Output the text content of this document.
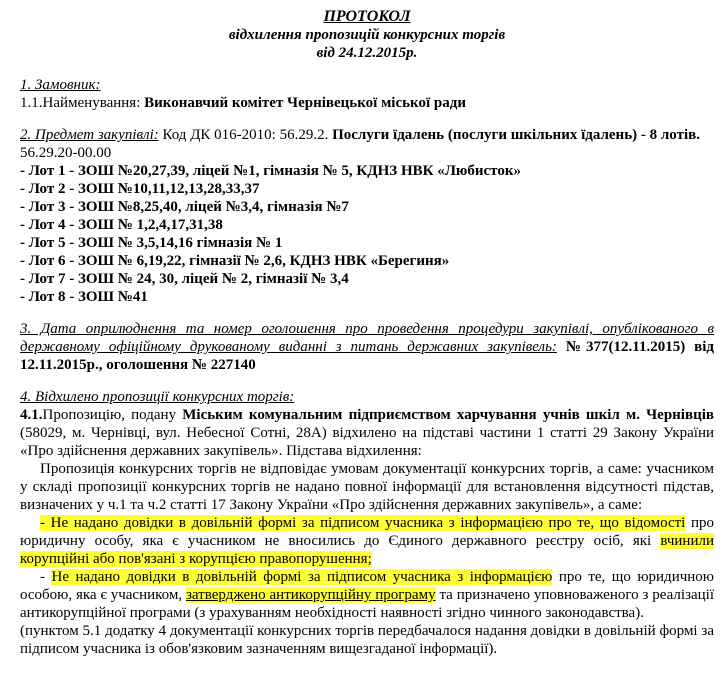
ПРОТОКОЛ
відхилення пропозицій конкурсних торгів
від 24.12.2015р.

1. Замовник:

1.1.Найменування: Виконавчий комітет Чернівецької міської ради

2. Предмет закупівлі: Код ДК 016-2010: 56.29.2. Послуги їдалень (послуги шкільних їдалень) - 8 лотів. 56.29.20-00.00

- Лот 1 - ЗОШ №20,27,39, ліцей №1, гімназія № 5, КДНЗ НВК «Любисток»

- Лот 2 - ЗОШ №10,11,12,13,28,33,37

- Лот 3 - ЗОШ №8,25,40, ліцей №3,4, гімназія №7

- Лот 4 - ЗОШ № 1,2,4,17,31,38

- Лот 5 - ЗОШ № 3,5,14,16 гімназія № 1

- Лот 6 - ЗОШ № 6,19,22, гімназії № 2,6, КДНЗ НВК «Берегиня»

- Лот 7 - ЗОШ № 24, 30, ліцей № 2, гімназії № 3,4

- Лот 8 - ЗОШ №41

3. Дата оприлюднення та номер оголошення про проведення процедури закупівлі, опублікованого в державному офіційному друкованому виданні з питань державних закупівель: №377(12.11.2015) від 12.11.2015р., оголошення № 227140

4. Відхилено пропозиції конкурсних торгів:

4.1.Пропозицію, подану Міським комунальним підприємством харчування учнів шкіл м. Чернівців (58029, м. Чернівці, вул. Небесної Сотні, 28А) відхилено на підставі частини 1 статті 29 Закону України «Про здійснення державних закупівель». Підстава відхилення:

Пропозиція конкурсних торгів не відповідає умовам документації конкурсних торгів, а саме: учасником у складі пропозиції конкурсних торгів не надано повної інформації для встановлення відсутності підстав, визначених у ч.1 та ч.2 статті 17 Закону України «Про здійснення державних закупівель», а саме:

- Не надано довідки в довільній формі за підписом учасника з інформацією про те, що відомості про юридичну особу, яка є учасником не вносились до Єдиного державного реєстру осіб, які вчинили корупційні або пов'язані з корупцією правопорушення;

- Не надано довідки в довільній формі за підписом учасника з інформацією про те, що юридичною особою, яка є учасником, затверджено антикорупційну програму та призначено уповноваженого з реалізації антикорупційної програми (з урахуванням необхідності наявності згідно чинного законодавства).

(пунктом 5.1 додатку 4 документації конкурсних торгів передбачалося надання довідки в довільній формі за підписом учасника із обов'язковим зазначенням вищезгаданої інформації).
